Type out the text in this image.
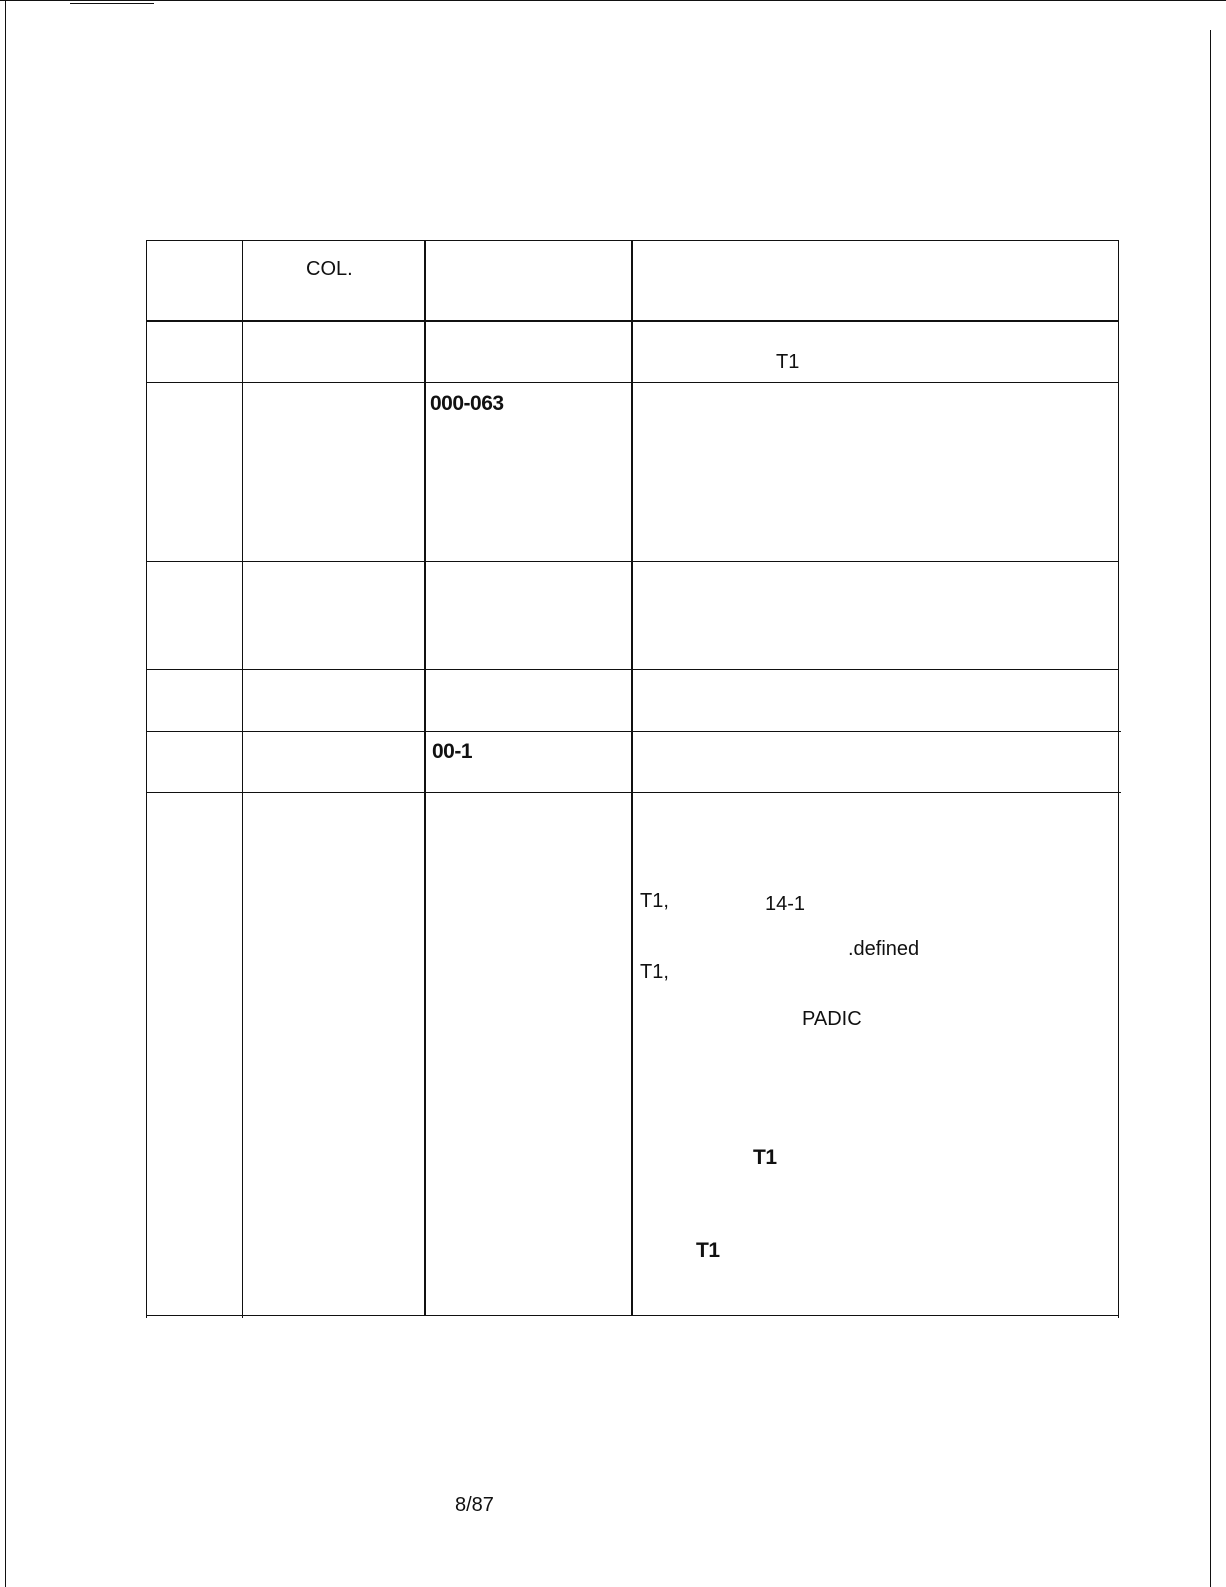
COL.
T1
000-063
00-1
T1,	14-1
.defined
T1,
PADIC
T1
T1
8/87
